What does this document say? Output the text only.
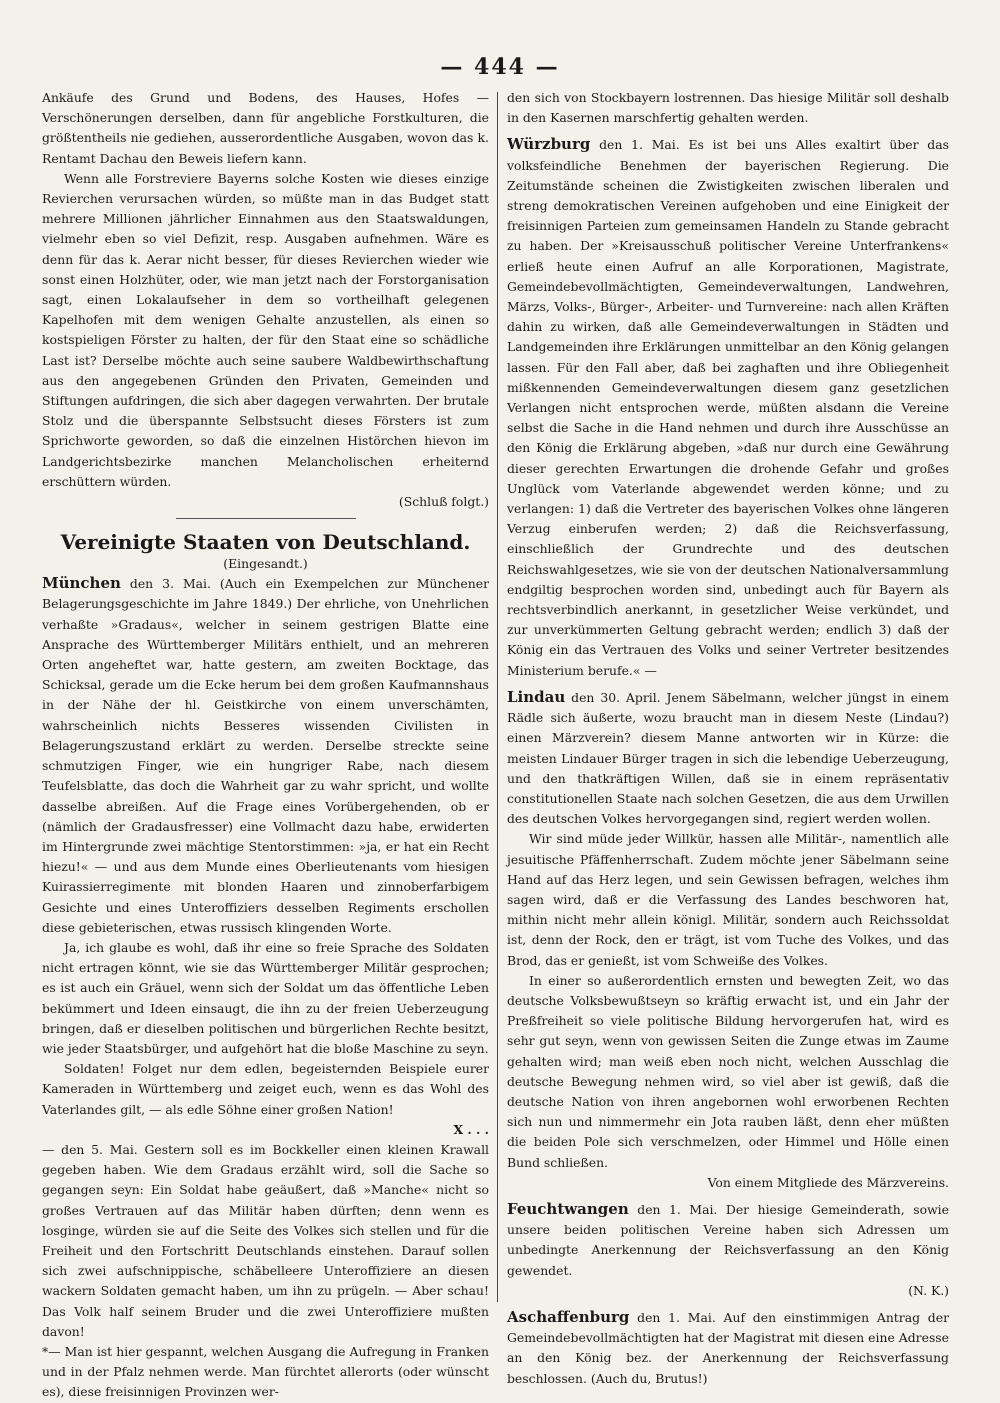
— 444 —

Ankäufe des Grund und Bodens, des Hauses, Hofes — Verschönerungen derselben, dann für angebliche Forstkulturen, die größtentheils nie gediehen, ausserordentliche Ausgaben, wovon das k. Rentamt Dachau den Beweis liefern kann.

Wenn alle Forstreviere Bayerns solche Kosten wie dieses einzige Revierchen verursachen würden, so müßte man in das Budget statt mehrere Millionen jährlicher Einnahmen aus den Staatswaldungen, vielmehr eben so viel Defizit, resp. Ausgaben aufnehmen. Wäre es denn für das k. Aerar nicht besser, für dieses Revierchen wieder wie sonst einen Holzhüter, oder, wie man jetzt nach der Forstorganisation sagt, einen Lokalaufseher in dem so vortheilhaft gelegenen Kapelhofen mit dem wenigen Gehalte anzustellen, als einen so kostspieligen Förster zu halten, der für den Staat eine so schädliche Last ist? Derselbe möchte auch seine saubere Waldbewirthschaftung aus den angegebenen Gründen den Privaten, Gemeinden und Stiftungen aufdringen, die sich aber dagegen verwahrten. Der brutale Stolz und die überspannte Selbstsucht dieses Försters ist zum Sprichworte geworden, so daß die einzelnen Histörchen hievon im Landgerichtsbezirke manchen Melancholischen erheiternd erschüttern würden.

(Schluß folgt.)

Vereinigte Staaten von Deutschland.
(Eingesandt.)

München den 3. Mai. (Auch ein Exempelchen zur Münchener Belagerungsgeschichte im Jahre 1849.) Der ehrliche, von Unehrlichen verhaßte »Gradaus«, welcher in seinem gestrigen Blatte eine Ansprache des Württemberger Militärs enthielt, und an mehreren Orten angeheftet war, hatte gestern, am zweiten Bocktage, das Schicksal, gerade um die Ecke herum bei dem großen Kaufmannshaus in der Nähe der hl. Geistkirche von einem unverschämten, wahrscheinlich nichts Besseres wissenden Civilisten in Belagerungszustand erklärt zu werden. Derselbe streckte seine schmutzigen Finger, wie ein hungriger Rabe, nach diesem Teufelsblatte, das doch die Wahrheit gar zu wahr spricht, und wollte dasselbe abreißen. Auf die Frage eines Vorübergehenden, ob er (nämlich der Gradausfresser) eine Vollmacht dazu habe, erwiderten im Hintergrunde zwei mächtige Stentorstimmen: »ja, er hat ein Recht hiezu!« — und aus dem Munde eines Oberlieutenants vom hiesigen Kuirassierregimente mit blonden Haaren und zinnoberfarbigem Gesichte und eines Unteroffiziers desselben Regiments erschollen diese gebieterischen, etwas russisch klingenden Worte.

Ja, ich glaube es wohl, daß ihr eine so freie Sprache des Soldaten nicht ertragen könnt, wie sie das Württemberger Militär gesprochen; es ist auch ein Gräuel, wenn sich der Soldat um das öffentliche Leben bekümmert und Ideen einsaugt, die ihn zu der freien Ueberzeugung bringen, daß er dieselben politischen und bürgerlichen Rechte besitzt, wie jeder Staatsbürger, und aufgehört hat die bloße Maschine zu seyn.

Soldaten! Folget nur dem edlen, begeisternden Beispiele eurer Kameraden in Württemberg und zeiget euch, wenn es das Wohl des Vaterlandes gilt, — als edle Söhne einer großen Nation!

X . . .

— den 5. Mai. Gestern soll es im Bockkeller einen kleinen Krawall gegeben haben. Wie dem Gradaus erzählt wird, soll die Sache so gegangen seyn: Ein Soldat habe geäußert, daß »Manche« nicht so großes Vertrauen auf das Militär haben dürften; denn wenn es losginge, würden sie auf die Seite des Volkes sich stellen und für die Freiheit und den Fortschritt Deutschlands einstehen. Darauf sollen sich zwei aufschnippische, schäbelleere Unteroffiziere an diesen wackern Soldaten gemacht haben, um ihn zu prügeln. — Aber schau! Das Volk half seinem Bruder und die zwei Unteroffiziere mußten davon!

*— Man ist hier gespannt, welchen Ausgang die Aufregung in Franken und in der Pfalz nehmen werde. Man fürchtet allerorts (oder wünscht es), diese freisinnigen Provinzen wer-

den sich von Stockbayern lostrennen. Das hiesige Militär soll deshalb in den Kasernen marschfertig gehalten werden.

Würzburg den 1. Mai. Es ist bei uns Alles exaltirt über das volksfeindliche Benehmen der bayerischen Regierung. Die Zeitumstände scheinen die Zwistigkeiten zwischen liberalen und streng demokratischen Vereinen aufgehoben und eine Einigkeit der freisinnigen Parteien zum gemeinsamen Handeln zu Stande gebracht zu haben. Der »Kreisausschuß politischer Vereine Unterfrankens« erließ heute einen Aufruf an alle Korporationen, Magistrate, Gemeindebevollmächtigten, Gemeindeverwaltungen, Landwehren, Märzs, Volks-, Bürger-, Arbeiter- und Turnvereine: nach allen Kräften dahin zu wirken, daß alle Gemeindeverwaltungen in Städten und Landgemeinden ihre Erklärungen unmittelbar an den König gelangen lassen. Für den Fall aber, daß bei zaghaften und ihre Obliegenheit mißkennenden Gemeindeverwaltungen diesem ganz gesetzlichen Verlangen nicht entsprochen werde, müßten alsdann die Vereine selbst die Sache in die Hand nehmen und durch ihre Ausschüsse an den König die Erklärung abgeben, »daß nur durch eine Gewährung dieser gerechten Erwartungen die drohende Gefahr und großes Unglück vom Vaterlande abgewendet werden könne; und zu verlangen: 1) daß die Vertreter des bayerischen Volkes ohne längeren Verzug einberufen werden; 2) daß die Reichsverfassung, einschließlich der Grundrechte und des deutschen Reichswahlgesetzes, wie sie von der deutschen Nationalversammlung endgiltig besprochen worden sind, unbedingt auch für Bayern als rechtsverbindlich anerkannt, in gesetzlicher Weise verkündet, und zur unverkümmerten Geltung gebracht werden; endlich 3) daß der König ein das Vertrauen des Volks und seiner Vertreter besitzendes Ministerium berufe.« —

Lindau den 30. April. Jenem Säbelmann, welcher jüngst in einem Rädle sich äußerte, wozu braucht man in diesem Neste (Lindau?) einen Märzverein? diesem Manne antworten wir in Kürze: die meisten Lindauer Bürger tragen in sich die lebendige Ueberzeugung, und den thatkräftigen Willen, daß sie in einem repräsentativ constitutionellen Staate nach solchen Gesetzen, die aus dem Urwillen des deutschen Volkes hervorgegangen sind, regiert werden wollen.

Wir sind müde jeder Willkür, hassen alle Militär-, namentlich alle jesuitische Pfäffenherrschaft. Zudem möchte jener Säbelmann seine Hand auf das Herz legen, und sein Gewissen befragen, welches ihm sagen wird, daß er die Verfassung des Landes beschworen hat, mithin nicht mehr allein königl. Militär, sondern auch Reichssoldat ist, denn der Rock, den er trägt, ist vom Tuche des Volkes, und das Brod, das er genießt, ist vom Schweiße des Volkes.

In einer so außerordentlich ernsten und bewegten Zeit, wo das deutsche Volksbewußtseyn so kräftig erwacht ist, und ein Jahr der Preßfreiheit so viele politische Bildung hervorgerufen hat, wird es sehr gut seyn, wenn von gewissen Seiten die Zunge etwas im Zaume gehalten wird; man weiß eben noch nicht, welchen Ausschlag die deutsche Bewegung nehmen wird, so viel aber ist gewiß, daß die deutsche Nation von ihren angebornen wohl erworbenen Rechten sich nun und nimmermehr ein Jota rauben läßt, denn eher müßten die beiden Pole sich verschmelzen, oder Himmel und Hölle einen Bund schließen.

Von einem Mitgliede des Märzvereins.

Feuchtwangen den 1. Mai. Der hiesige Gemeinderath, sowie unsere beiden politischen Vereine haben sich Adressen um unbedingte Anerkennung der Reichsverfassung an den König gewendet.

(N. K.)

Aschaffenburg den 1. Mai. Auf den einstimmigen Antrag der Gemeindebevollmächtigten hat der Magistrat mit diesen eine Adresse an den König bez. der Anerkennung der Reichsverfassung beschlossen. (Auch du, Brutus!)
